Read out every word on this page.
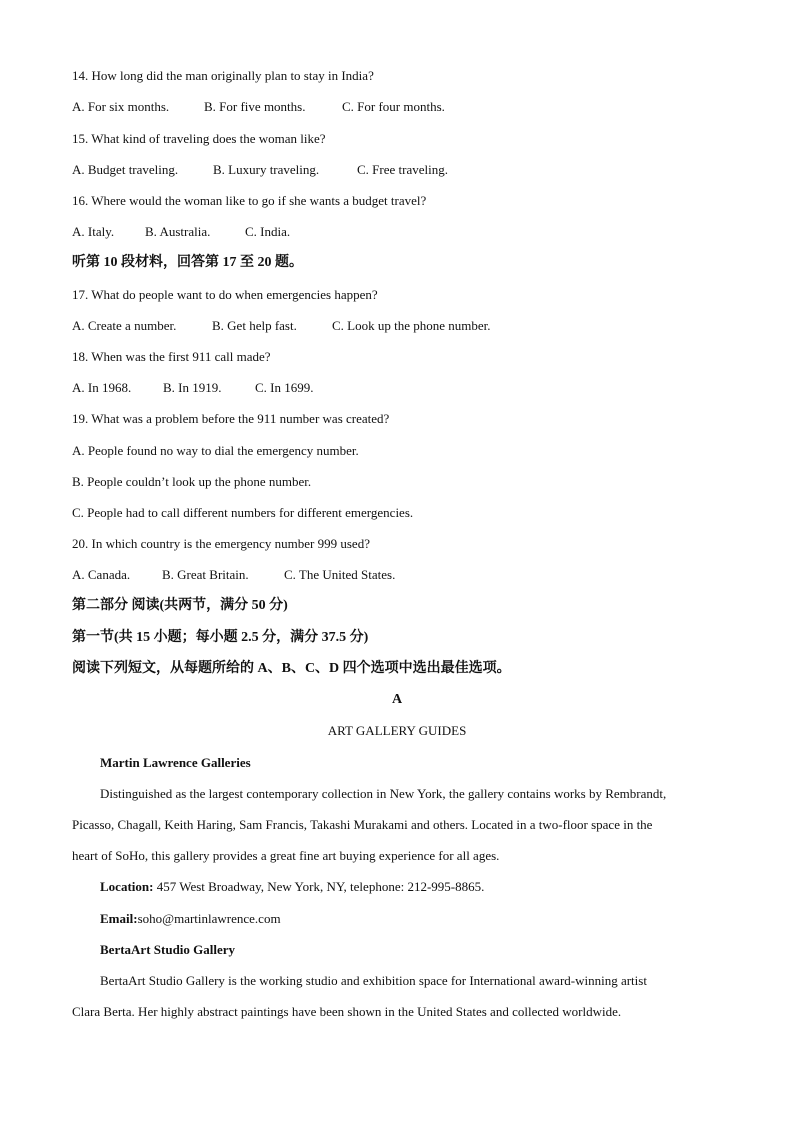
14. How long did the man originally plan to stay in India?
A. For six months.	B. For five months.	C. For four months.
15. What kind of traveling does the woman like?
A. Budget traveling.	B. Luxury traveling.	C. Free traveling.
16. Where would the woman like to go if she wants a budget travel?
A. Italy. B. Australia.	C. India.
听第 10 段材料，回答第 17 至 20 题。
17. What do people want to do when emergencies happen?
A. Create a number.	B. Get help fast.	C. Look up the phone number.
18. When was the first 911 call made?
A. In 1968. B. In 1919.	C. In 1699.
19. What was a problem before the 911 number was created?
A. People found no way to dial the emergency number.
B. People couldn’t look up the phone number.
C. People had to call different numbers for different emergencies.
20. In which country is the emergency number 999 used?
A. Canada. B. Great Britain.	C. The United States.
第二部分 阅读(共两节，满分 50 分)
第一节(共 15 小题；每小题 2.5 分，满分 37.5 分)
阅读下列短文，从每题所给的 A、B、C、D 四个选项中选出最佳选项。
A
ART GALLERY GUIDES
Martin Lawrence Galleries
Distinguished as the largest contemporary collection in New York, the gallery contains works by Rembrandt,
Picasso, Chagall, Keith Haring, Sam Francis, Takashi Murakami and others. Located in a two-floor space in the
heart of SoHo, this gallery provides a great fine art buying experience for all ages.
Location: 457 West Broadway, New York, NY, telephone: 212-995-8865.
Email:soho@martinlawrence.com
BertaArt Studio Gallery
BertaArt Studio Gallery is the working studio and exhibition space for International award-winning artist
Clara Berta. Her highly abstract paintings have been shown in the United States and collected worldwide.
